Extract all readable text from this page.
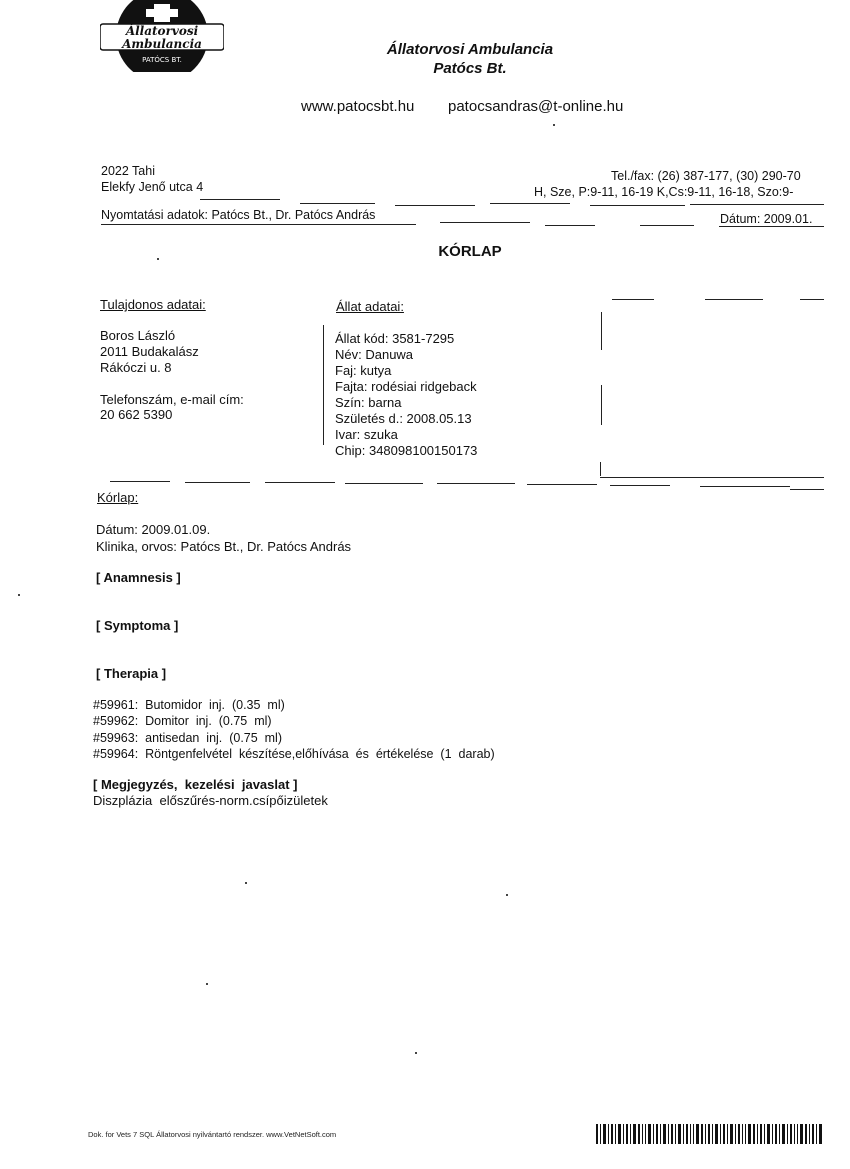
Állatorvosi
Ambulancia
PATÓCS BT.
Állatorvosi Ambulancia
Patócs Bt.
www.patocsbt.hu patocsandras@t-online.hu
2022 Tahi
Elekfy Jenő utca 4
Tel./fax: (26) 387-177, (30) 290-70
H, Sze, P:9-11, 16-19 K,Cs:9-11, 16-18, Szo:9-
Nyomtatási adatok: Patócs Bt., Dr. Patócs András	Dátum: 2009.01.
KÓRLAP
Tulajdonos adatai:
Boros László
2011 Budakalász
Rákóczi u. 8
Telefonszám, e-mail cím:
20 662 5390
Állat adatai:
Állat kód: 3581-7295
Név: Danuwa
Faj: kutya
Fajta: rodésiai ridgeback
Szín: barna
Születés d.: 2008.05.13
Ivar: szuka
Chip: 348098100150173
Kórlap:
Dátum: 2009.01.09.
Klinika, orvos: Patócs Bt., Dr. Patócs András
[ Anamnesis ]
[ Symptoma ]
[ Therapia ]
#59961:  Butomidor  inj.  (0.35  ml)
#59962:  Domitor  inj.  (0.75  ml)
#59963:  antisedan  inj.  (0.75  ml)
#59964:  Röntgenfelvétel  készítése,előhívása  és  értékelése  (1  darab)
[ Megjegyzés,  kezelési  javaslat ]
Diszplázia  előszűrés-norm.csípőizületek
Dok. for Vets 7 SQL Állatorvosi nyilvántartó rendszer. www.VetNetSoft.com
